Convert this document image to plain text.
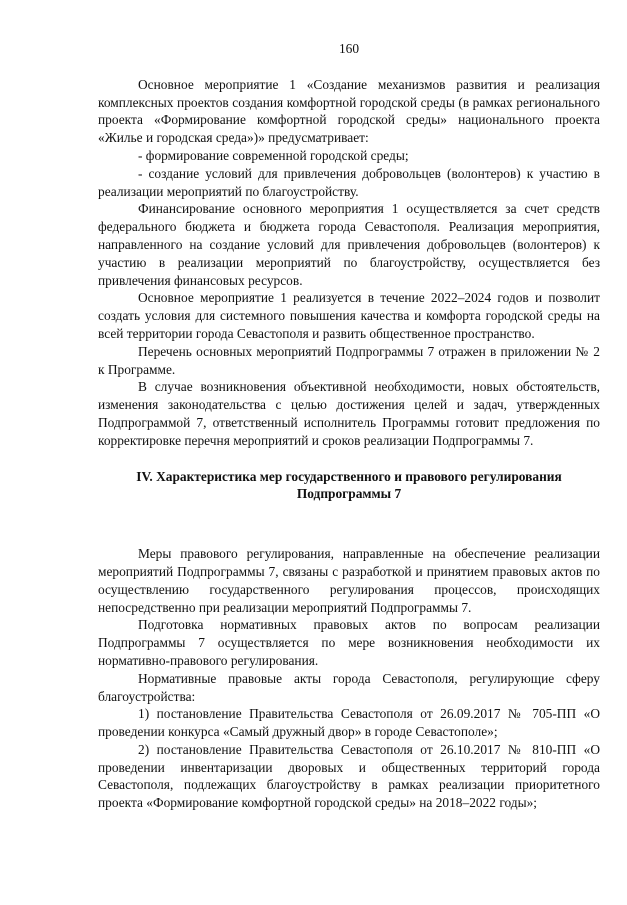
160

Основное мероприятие 1 «Создание механизмов развития и реализация комплексных проектов создания комфортной городской среды (в рамках регионального проекта «Формирование комфортной городской среды» национального проекта «Жилье и городская среда»)» предусматривает:

- формирование современной городской среды;

- создание условий для привлечения добровольцев (волонтеров) к участию в реализации мероприятий по благоустройству.

Финансирование основного мероприятия 1 осуществляется за счет средств федерального бюджета и бюджета города Севастополя. Реализация мероприятия, направленного на создание условий для привлечения добровольцев (волонтеров) к участию в реализации мероприятий по благоустройству, осуществляется без привлечения финансовых ресурсов.

Основное мероприятие 1 реализуется в течение 2022–2024 годов и позволит создать условия для системного повышения качества и комфорта городской среды на всей территории города Севастополя и развить общественное пространство.

Перечень основных мероприятий Подпрограммы 7 отражен в приложении № 2 к Программе.

В случае возникновения объективной необходимости, новых обстоятельств, изменения законодательства с целью достижения целей и задач, утвержденных Подпрограммой 7, ответственный исполнитель Программы готовит предложения по корректировке перечня мероприятий и сроков реализации Подпрограммы 7.

IV. Характеристика мер государственного и правового регулирования
Подпрограммы 7

Меры правового регулирования, направленные на обеспечение реализации мероприятий Подпрограммы 7, связаны с разработкой и принятием правовых актов по осуществлению государственного регулирования процессов, происходящих непосредственно при реализации мероприятий Подпрограммы 7.

Подготовка нормативных правовых актов по вопросам реализации Подпрограммы 7 осуществляется по мере возникновения необходимости их нормативно-правового регулирования.

Нормативные правовые акты города Севастополя, регулирующие сферу благоустройства:

1) постановление Правительства Севастополя от 26.09.2017 № 705-ПП «О проведении конкурса «Самый дружный двор» в городе Севастополе»;

2) постановление Правительства Севастополя от 26.10.2017 № 810-ПП «О проведении инвентаризации дворовых и общественных территорий города Севастополя, подлежащих благоустройству в рамках реализации приоритетного проекта «Формирование комфортной городской среды» на 2018–2022 годы»;
